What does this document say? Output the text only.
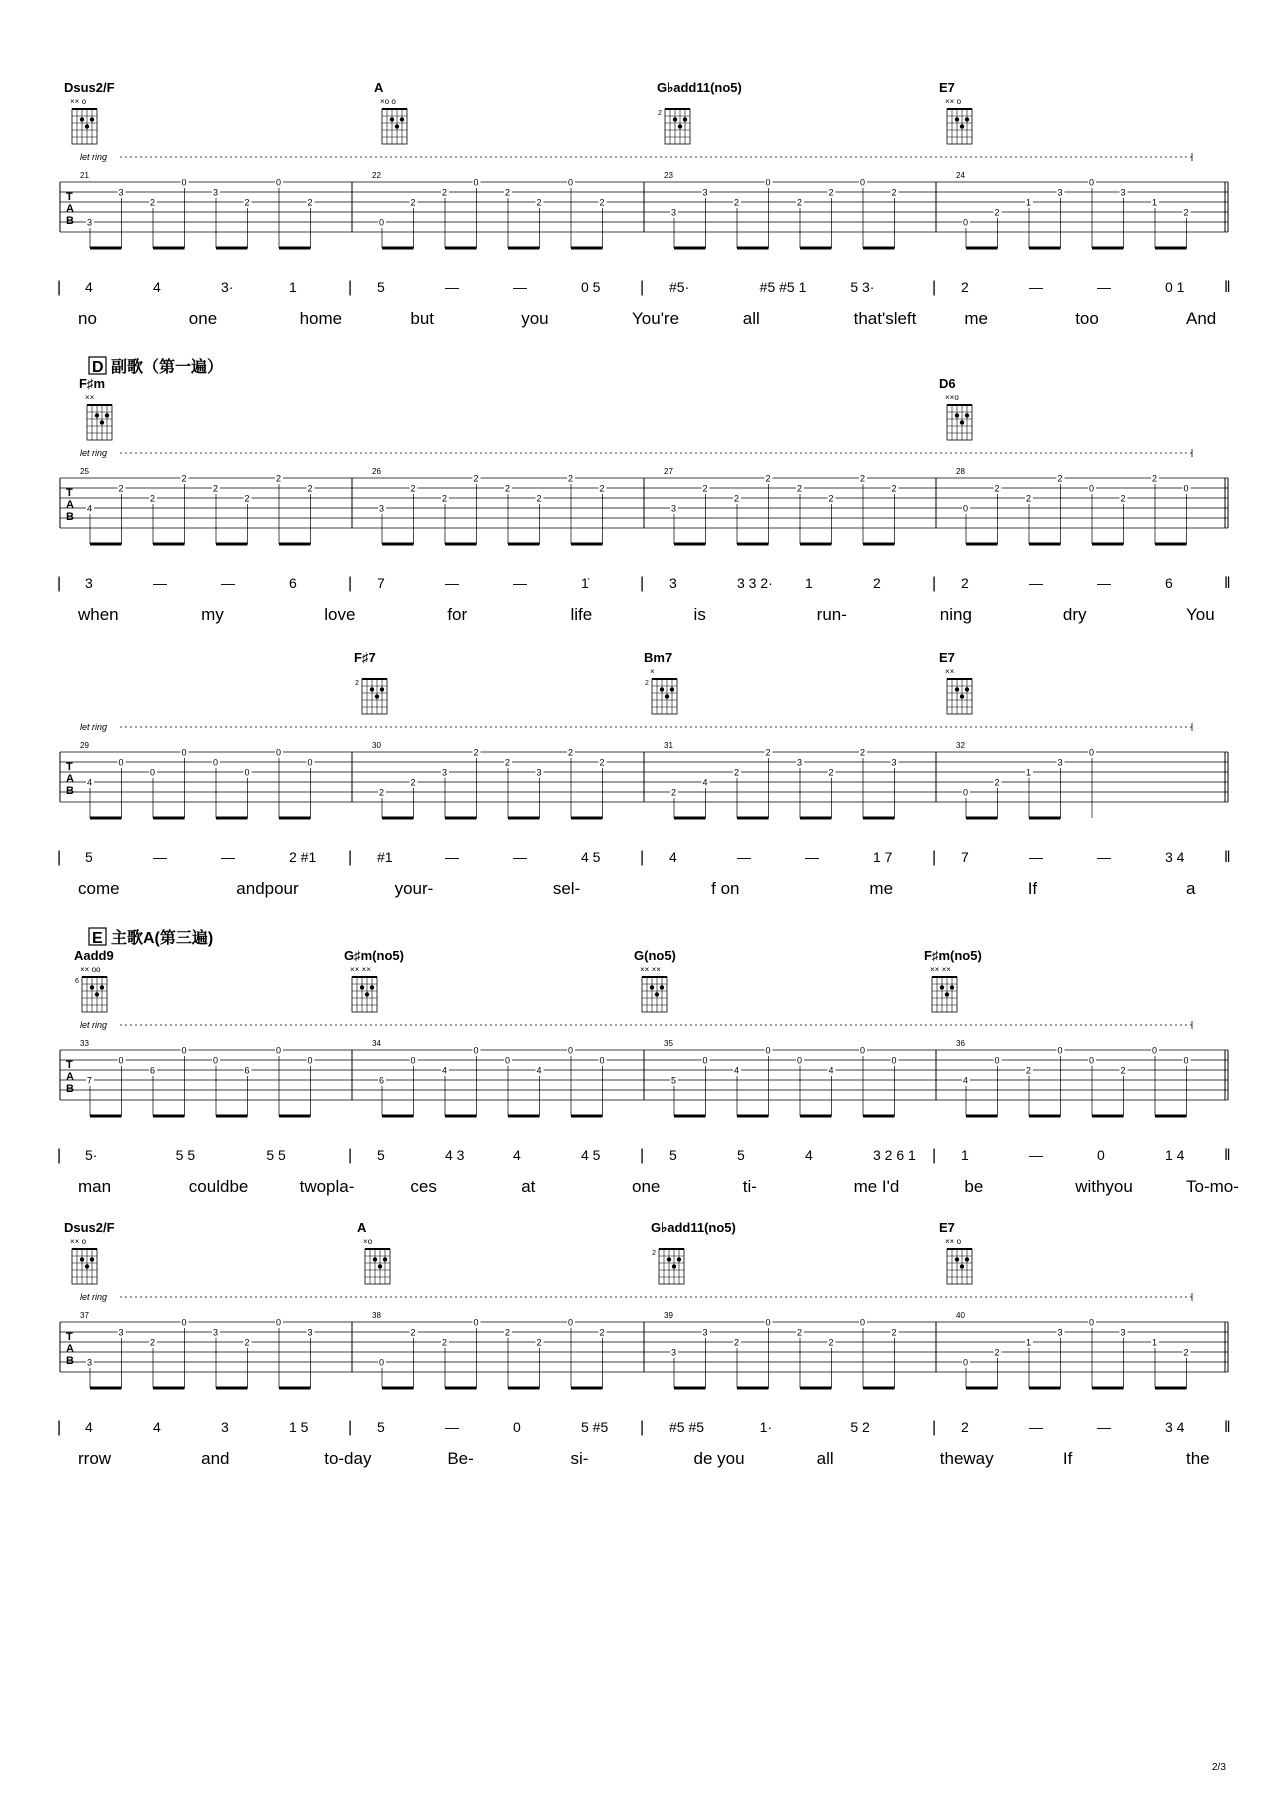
Dsus2/F
×× o
A
×o o
G♭add11(no5)
2
E7
×× o
let ring
T
A
B
21
3
3
2
0
3
2
0
2
22
0
2
2
0
2
2
0
2
23
3
3
2
0
2
2
0
2
24
0
2
1
3
0
3
1
2
| 4	4	3·	1	| 5	—	—	0 5 | #5·	#5 #5 1	5 3·	| 2	—	—	0 1 ‖
no	one	home	but	you	You're	all	that'sleft	me	too	And
D 副歌（第一遍）
F♯m
××
D6
××o
let ring
T
A
B
25
4
2
2
2
2
2
2
2
26
3
2
2
2
2
2
2
2
27
3
2
2
2
2
2
2
2
28
0
2
2
2
0
2
2
0
| 3	—	—	6	| 7	—	—	1̇	| 3	3 3 2· 1	2	| 2	—	—	6	‖
when	my	love	for	life	is	run-	ning	dry	You
F♯7
2
Bm7
×
2
E7
××
let ring
T
A
B
29
4
0
0
0
0
0
0
0
30
2
2
3
2
2
3
2
2
31
2
4
2
2
3
2
2
3
32
0
2
1
3
0
| 5	—	—	2 #1 | #1	—	—	4 5 | 4	—	—	1 7 | 7	—	—	3 4 ‖
come	andpour	your-	sel-	f on	me	If	a
E 主歌A(第三遍)
Aadd9
×× oo
6
G♯m(no5)
×× ××
G(no5)
×× ××
F♯m(no5)
×× ××
let ring
T
A
B
33
7
0
6
0
0
6
0
0
34
6
0
4
0
0
4
0
0
35
5
0
4
0
0
4
0
0
36
4
0
2
0
0
2
0
0
| 5·	5 5	5 5	| 5	4 3	4	4 5 | 5	5	4	3 2 6 1 | 1	—	0	1 4 ‖
man	couldbe	twopla-	ces	at	one	ti-	me I'd	be	withyou	To-mo-
Dsus2/F
×× o
A
×o
G♭add11(no5)
2
E7
×× o
let ring
T
A
B
37
3
3
2
0
3
2
0
3
38
0
2
2
0
2
2
0
2
39
3
3
2
0
2
2
0
2
40
0
2
1
3
0
3
1
2
| 4	4	3	1 5 | 5	—	0	5 #5 | #5 #5	1·	5 2	| 2	—	—	3 4 ‖
rrow	and	to-day	Be-	si-	de you	all	theway	If	the
2/3
